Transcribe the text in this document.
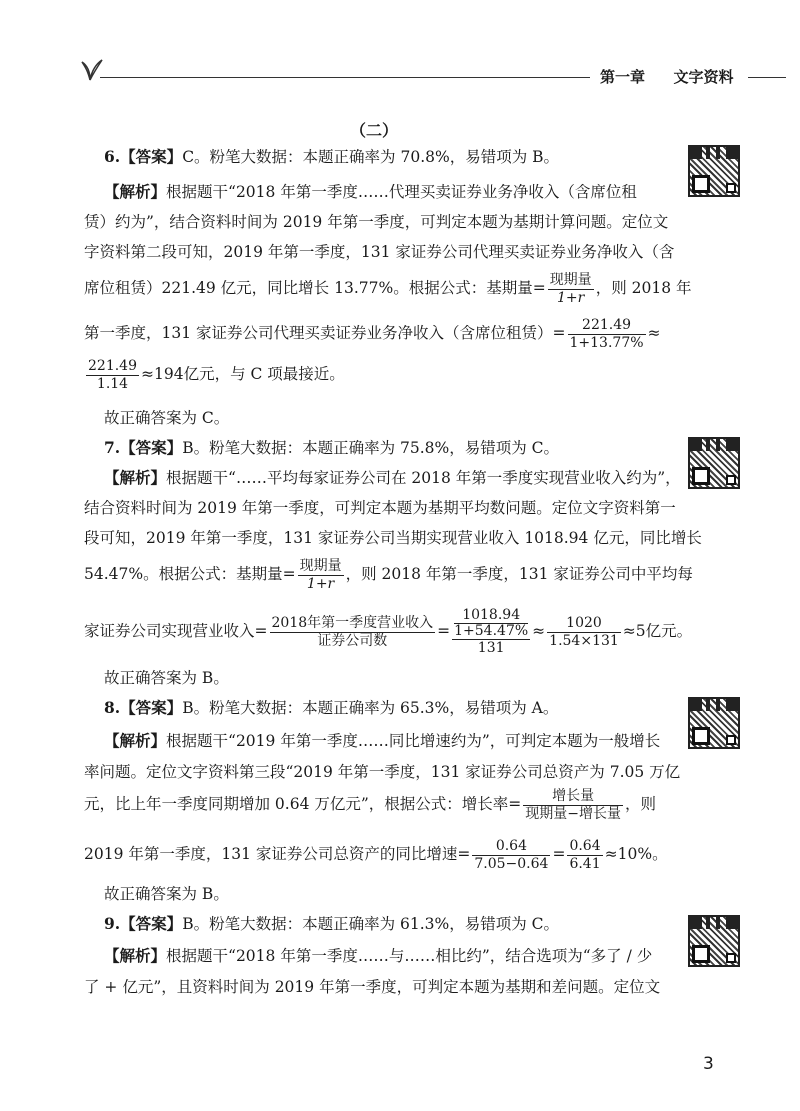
第一章 文字资料
（二）
6.【答案】C。粉笔大数据：本题正确率为 70.8%，易错项为 B。
【解析】根据题干“2018 年第一季度……代理买卖证券业务净收入（含席位租
赁）约为”，结合资料时间为 2019 年第一季度，可判定本题为基期计算问题。定位文
字资料第二段可知，2019 年第一季度，131 家证券公司代理买卖证券业务净收入（含
席位租赁）221.49 亿元，同比增长 13.77%。根据公式：基期量= $\frac{\text{现期量}}{1+r}$ ，则 2018 年
第一季度，131 家证券公司代理买卖证券业务净收入（含席位租赁）= $\frac{221.49}{1+13.77\%}$ ≈
$\frac{221.49}{1.14} \approx 194$亿元，与 C 项最接近。
故正确答案为 C。
7.【答案】B。粉笔大数据：本题正确率为 75.8%，易错项为 C。
【解析】根据题干“……平均每家证券公司在 2018 年第一季度实现营业收入约为”，
结合资料时间为 2019 年第一季度，可判定本题为基期平均数问题。定位文字资料第一
段可知，2019 年第一季度，131 家证券公司当期实现营业收入 1018.94 亿元，同比增长
54.47%。根据公式：基期量= $\frac{\text{现期量}}{1+r}$ ，则 2018 年第一季度，131 家证券公司中平均每
家证券公司实现营业收入= $\frac{\text{2018年第一季度营业收入}}{\text{证券公司数}}$ =
1018.94
1+54.47%
131
≈ $\frac{1020}{1.54\times 131} \approx 5$亿元。
故正确答案为 B。
8.【答案】B。粉笔大数据：本题正确率为 65.3%，易错项为 A。
【解析】根据题干“2019 年第一季度……同比增速约为”，可判定本题为一般增长
率问题。定位文字资料第三段“2019 年第一季度，131 家证券公司总资产为 7.05 万亿
元，比上年一季度同期增加 0.64 万亿元”，根据公式：增长率= $\frac{\text{增长量}}{\text{现期量−增长量}}$ ，则
2019 年第一季度，131 家证券公司总资产的同比增速= $\frac{0.64}{7.05-0.64} = \frac{0.64}{6.41} \approx 10\%$。
故正确答案为 B。
9.【答案】B。粉笔大数据：本题正确率为 61.3%，易错项为 C。
【解析】根据题干“2018 年第一季度……与……相比约”，结合选项为“多了 / 少
了 + 亿元”，且资料时间为 2019 年第一季度，可判定本题为基期和差问题。定位文
3
